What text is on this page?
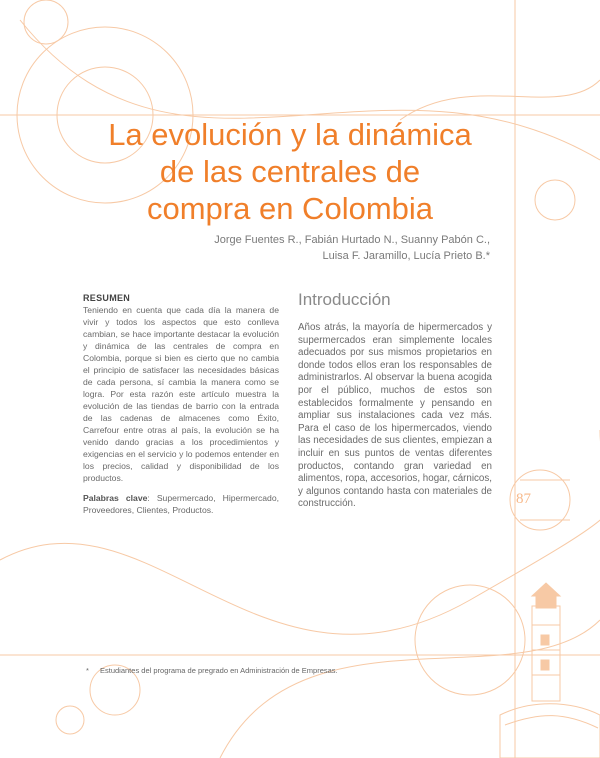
La evolución y la dinámica
de las centrales de
compra en Colombia
Jorge Fuentes R., Fabián Hurtado N., Suanny Pabón C.,
Luisa F. Jaramillo, Lucía Prieto B.*
RESUMEN
Teniendo en cuenta que cada día la manera de vivir y todos los aspectos que esto conlleva cambian, se hace importante destacar la evolución y dinámica de las centrales de compra en Colombia, porque si bien es cierto que no cambia el principio de satisfacer las necesidades básicas de cada persona, sí cambia la manera como se logra. Por esta razón este artículo muestra la evolución de las tiendas de barrio con la entrada de las cadenas de almacenes como Éxito, Carrefour entre otras al país, la evolución se ha venido dando gracias a los procedimientos y exigencias en el servicio y lo podemos entender en los precios, calidad y disponibilidad de los productos.
Palabras clave: Supermercado, Hipermercado, Proveedores, Clientes, Productos.
Introducción
Años atrás, la mayoría de hipermercados y supermercados eran simplemente locales adecuados por sus mismos propietarios en donde todos ellos eran los responsables de administrarlos. Al observar la buena acogida por el público, muchos de estos son establecidos formalmente y pensando en ampliar sus instalaciones cada vez más. Para el caso de los hipermercados, viendo las necesidades de sus clientes, empiezan a incluir en sus puntos de ventas diferentes productos, contando gran variedad en alimentos, ropa, accesorios, hogar, cárnicos, y algunos contando hasta con materiales de construcción.	87
* Estudiantes del programa de pregrado en Administración de Empresas.
